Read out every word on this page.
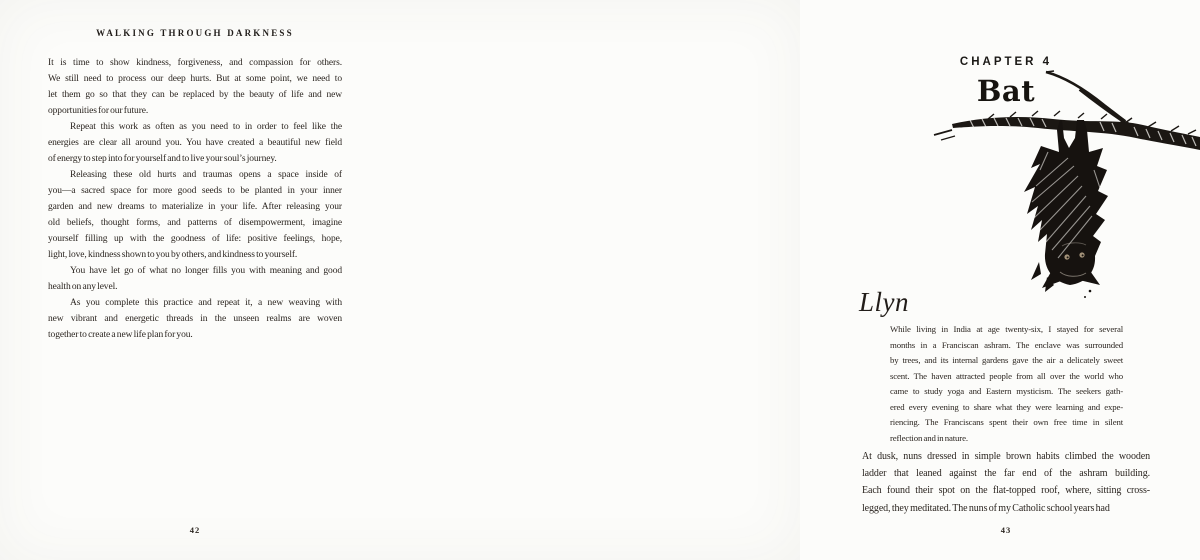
WALKING THROUGH DARKNESS
It is time to show kindness, forgiveness, and compassion for others.
We still need to process our deep hurts. But at some point, we need to
let them go so that they can be replaced by the beauty of life and new
opportunities for our future.
Repeat this work as often as you need to in order to feel like the
energies are clear all around you. You have created a beautiful new field
of energy to step into for yourself and to live your soul’s journey.
Releasing these old hurts and traumas opens a space inside of
you—a sacred space for more good seeds to be planted in your inner
garden and new dreams to materialize in your life. After releasing your
old beliefs, thought forms, and patterns of disempowerment, imagine
yourself filling up with the goodness of life: positive feelings, hope,
light, love, kindness shown to you by others, and kindness to yourself.
You have let go of what no longer fills you with meaning and good
health on any level.
As you complete this practice and repeat it, a new weaving with
new vibrant and energetic threads in the unseen realms are woven
together to create a new life plan for you.
42
CHAPTER 4
Bat
Llyn
While living in India at age twenty-six, I stayed for several
months in a Franciscan ashram. The enclave was surrounded
by trees, and its internal gardens gave the air a delicately sweet
scent. The haven attracted people from all over the world who
came to study yoga and Eastern mysticism. The seekers gath-
ered every evening to share what they were learning and expe-
riencing. The Franciscans spent their own free time in silent
reflection and in nature.
At dusk, nuns dressed in simple brown habits climbed the wooden
ladder that leaned against the far end of the ashram building.
Each found their spot on the flat-topped roof, where, sitting cross-
legged, they meditated. The nuns of my Catholic school years had
43
